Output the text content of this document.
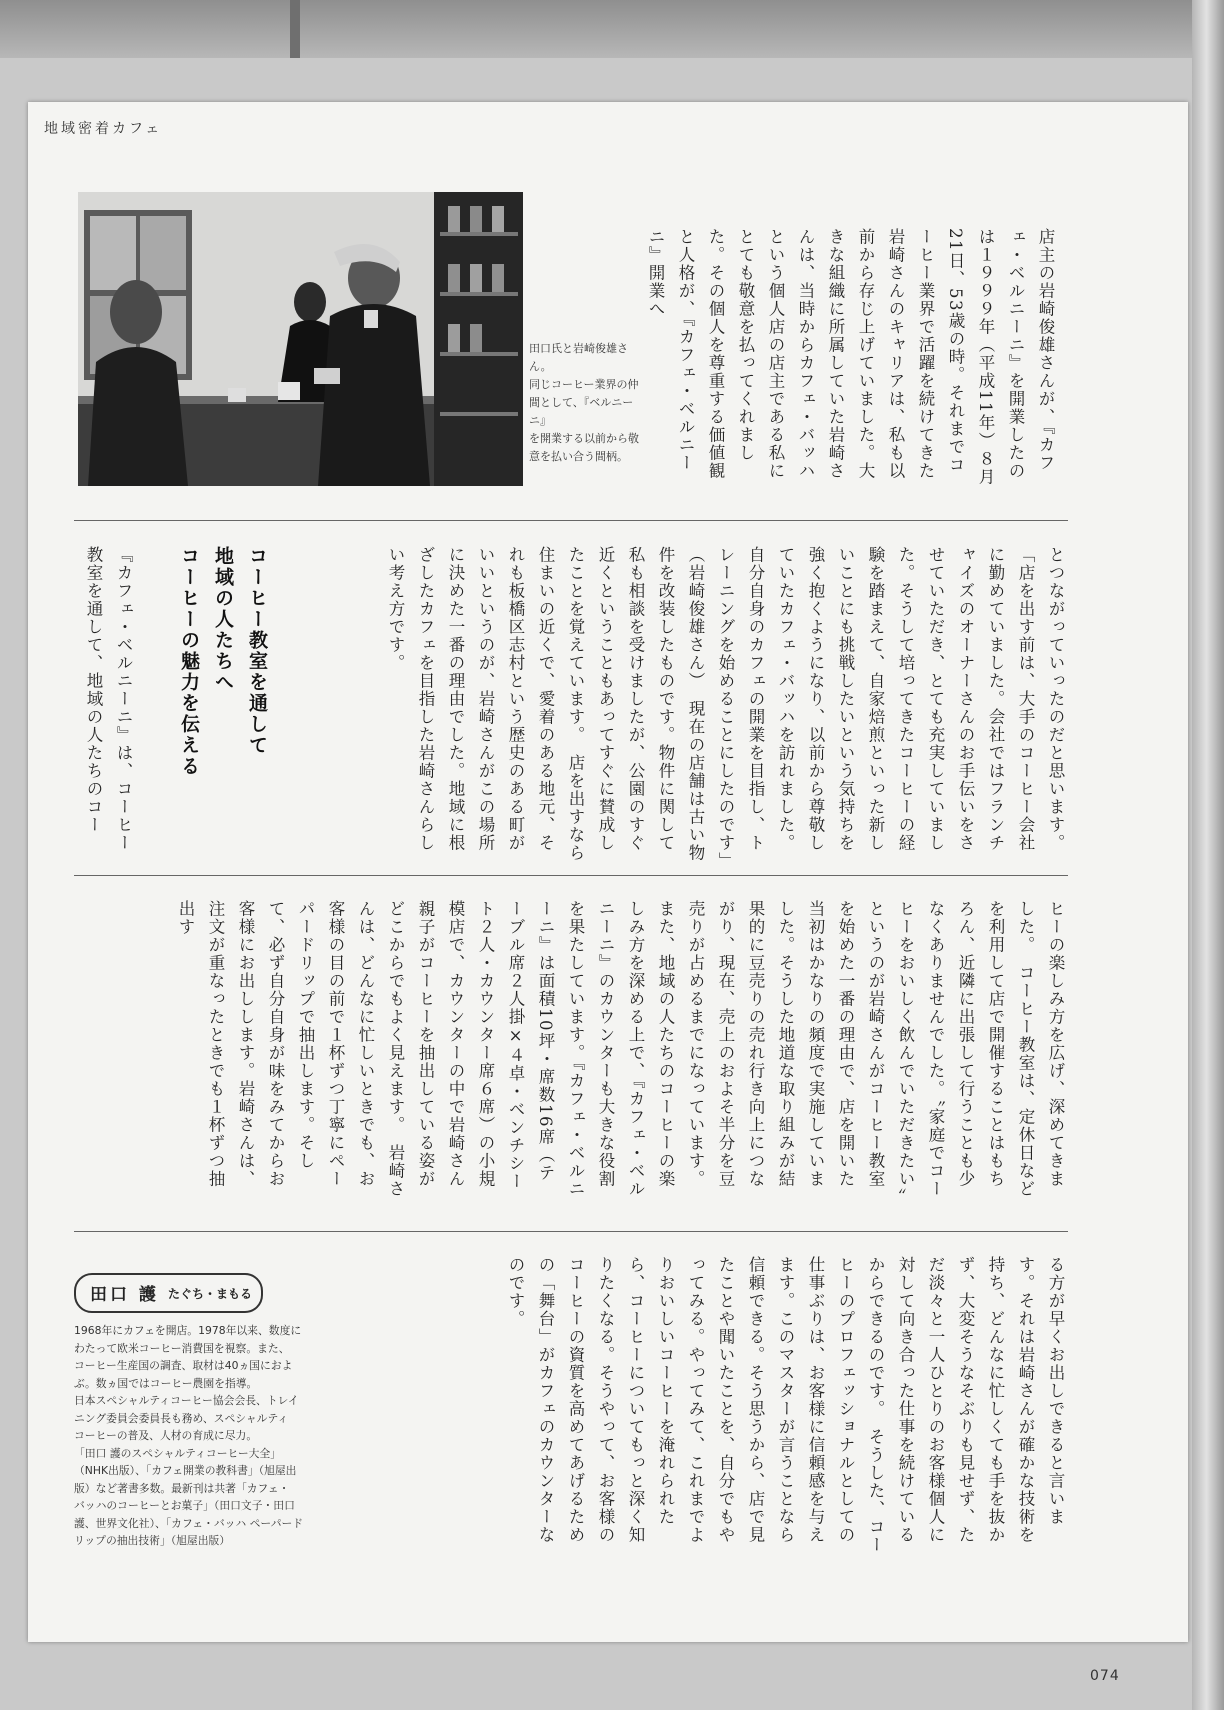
地域密着カフェ
田口氏と岩崎俊雄さん。
同じコーヒー業界の仲
間として、『ベルニーニ』
を開業する以前から敬
意を払い合う間柄。	店主の岩崎俊雄さんが、『カフェ・ベルニーニ』を開業したのは１９９９年（平成11年）８月21日、53歳の時。それまでコーヒー業界で活躍を続けてきた岩崎さんのキャリアは、私も以前から存じ上げていました。大きな組織に所属していた岩崎さんは、当時からカフェ・バッハという個人店の店主である私にとても敬意を払ってくれました。その個人を尊重する価値観と人格が、『カフェ・ベルニーニ』開業へ
とつながっていったのだと思います。「店を出す前は、大手のコーヒー会社に勤めていました。会社ではフランチャイズのオーナーさんのお手伝いをさせていただき、とても充実していました。そうして培ってきたコーヒーの経験を踏まえて、自家焙煎といった新しいことにも挑戦したいという気持ちを強く抱くようになり、以前から尊敬していたカフェ・バッハを訪れました。自分自身のカフェの開業を目指し、トレーニングを始めることにしたのです」（岩崎俊雄さん）　現在の店舗は古い物件を改装したものです。物件に関して私も相談を受けましたが、公園のすぐ近くということもあってすぐに賛成したことを覚えています。　店を出すなら住まいの近くで、愛着のある地元、それも板橋区志村という歴史のある町がいいというのが、岩崎さんがこの場所に決めた一番の理由でした。地域に根ざしたカフェを目指した岩崎さんらしい考え方です。
コーヒー教室を通して
地域の人たちへ
コーヒーの魅力を伝える
『カフェ・ベルニーニ』は、コーヒー教室を通して、地域の人たちのコー
ヒーの楽しみ方を広げ、深めてきました。　コーヒー教室は、定休日などを利用して店で開催することはもちろん、近隣に出張して行うことも少なくありませんでした。〝家庭でコーヒーをおいしく飲んでいただきたい〟というのが岩崎さんがコーヒー教室を始めた一番の理由で、店を開いた当初はかなりの頻度で実施していました。そうした地道な取り組みが結果的に豆売りの売れ行き向上につながり、現在、売上のおよそ半分を豆売りが占めるまでになっています。　また、地域の人たちのコーヒーの楽しみ方を深める上で、『カフェ・ベルニーニ』のカウンターも大きな役割を果たしています。『カフェ・ベルニーニ』は面積10坪・席数16席（テーブル席２人掛×４卓・ベンチシート２人・カウンター席６席）の小規模店で、カウンターの中で岩崎さん親子がコーヒーを抽出している姿がどこからでもよく見えます。　岩崎さんは、どんなに忙しいときでも、お客様の目の前で１杯ずつ丁寧にペーパードリップで抽出します。そして、必ず自分自身が味をみてからお客様にお出しします。岩崎さんは、注文が重なったときでも１杯ずつ抽出す
る方が早くお出しできると言います。それは岩崎さんが確かな技術を持ち、どんなに忙しくても手を抜かず、大変そうなそぶりも見せず、ただ淡々と一人ひとりのお客様個人に対して向き合った仕事を続けているからできるのです。　そうした、コーヒーのプロフェッショナルとしての仕事ぶりは、お客様に信頼感を与えます。このマスターが言うことなら信頼できる。そう思うから、店で見たことや聞いたことを、自分でもやってみる。やってみて、これまでよりおいしいコーヒーを淹れられたら、コーヒーについてもっと深く知りたくなる。そうやって、お客様のコーヒーの資質を高めてあげるための「舞台」がカフェのカウンターなのです。
田口 護 たぐち・まもる
1968年にカフェを開店。1978年以来、数度に
わたって欧米コーヒー消費国を視察。また、
コーヒー生産国の調査、取材は40ヵ国におよ
ぶ。数ヵ国ではコーヒー農園を指導。
日本スペシャルティコーヒー協会会長、トレイ
ニング委員会委員長も務め、スペシャルティ
コーヒーの普及、人材の育成に尽力。
「田口 護のスペシャルティコーヒー大全」
（NHK出版）、「カフェ開業の教科書」（旭屋出
版）など著書多数。最新刊は共著「カフェ・
バッハのコーヒーとお菓子」（田口文子・田口
護、世界文化社）、「カフェ・バッハ ペーパード
リップの抽出技術」（旭屋出版）
074
